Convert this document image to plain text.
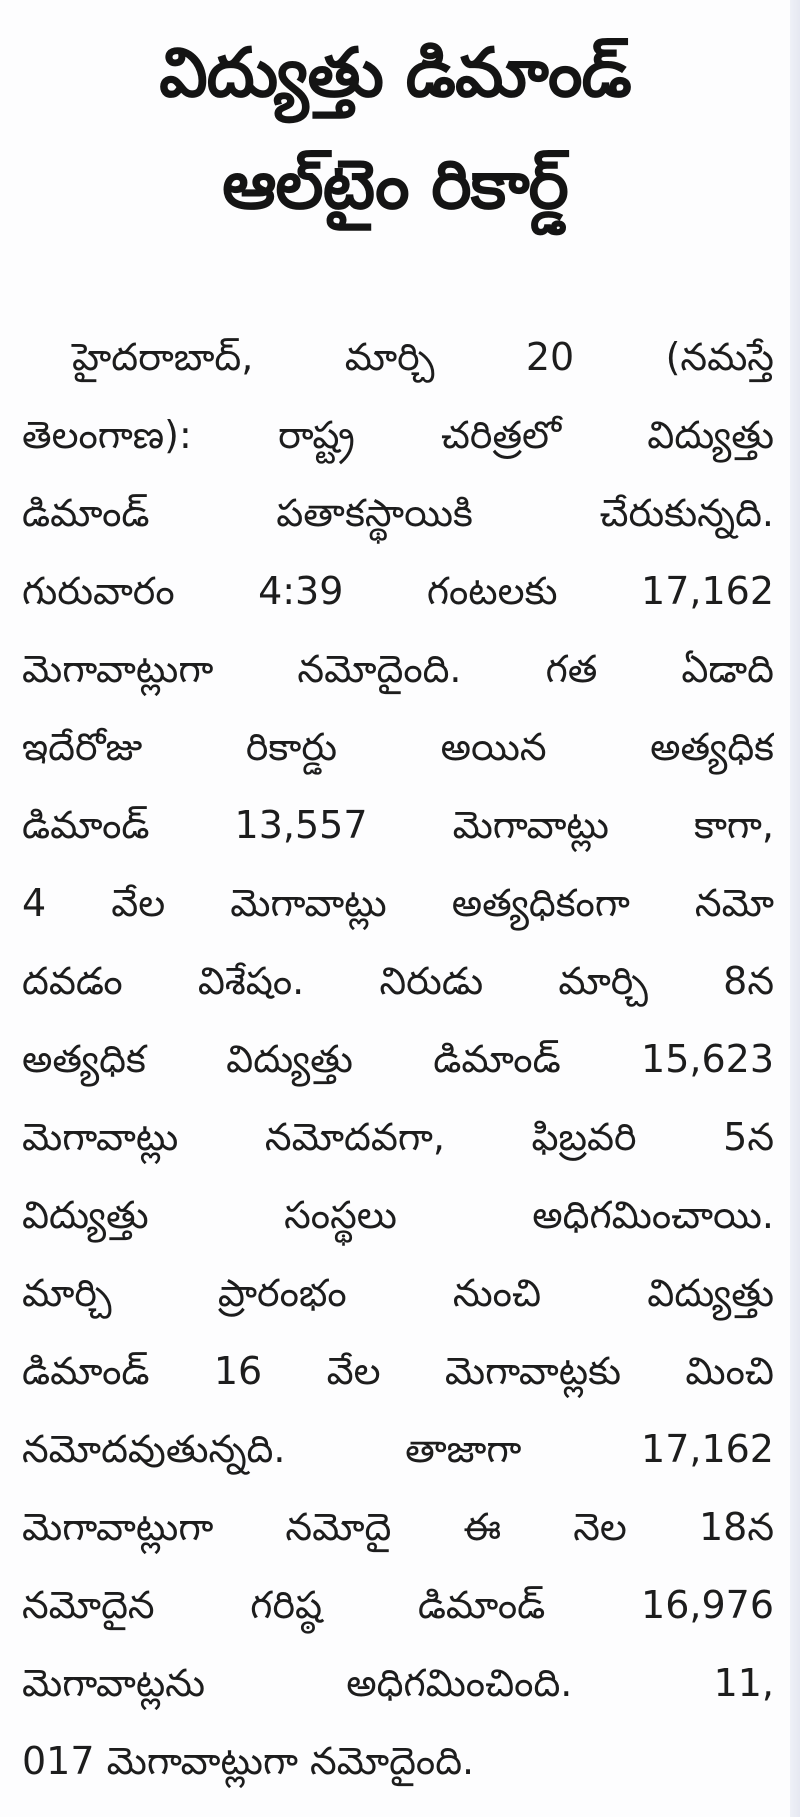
విద్యుత్తు డిమాండ్
ఆల్‌టైం రికార్డ్
హైదరాబాద్, మార్చి 20 (నమస్తే
తెలంగాణ): రాష్ట్ర చరిత్రలో విద్యుత్తు
డిమాండ్ పతాకస్థాయికి చేరుకున్నది.
గురువారం 4:39 గంటలకు 17,162
మెగావాట్లుగా నమోదైంది. గత ఏడాది
ఇదేరోజు రికార్డు అయిన అత్యధిక
డిమాండ్ 13,557 మెగావాట్లు కాగా,
4 వేల మెగావాట్లు అత్యధికంగా నమో
దవడం విశేషం. నిరుడు మార్చి 8న
అత్యధిక విద్యుత్తు డిమాండ్ 15,623
మెగావాట్లు నమోదవగా, ఫిబ్రవరి 5న
విద్యుత్తు సంస్థలు అధిగమించాయి.
మార్చి ప్రారంభం నుంచి విద్యుత్తు
డిమాండ్ 16 వేల మెగావాట్లకు మించి
నమోదవుతున్నది. తాజాగా 17,162
మెగావాట్లుగా నమోదై ఈ నెల 18న
నమోదైన గరిష్ఠ డిమాండ్ 16,976
మెగావాట్లను అధిగమించింది. 11,
017 మెగావాట్లుగా నమోదైంది.
